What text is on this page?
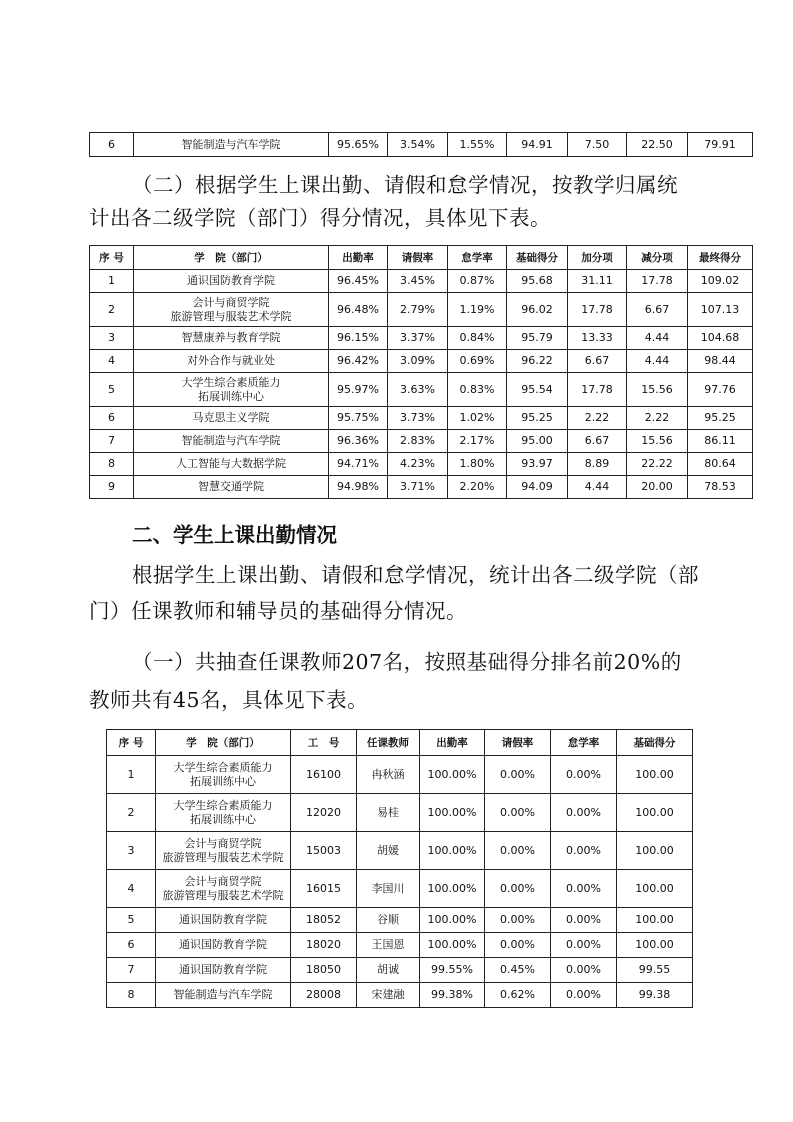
6	智能制造与汽车学院	95.65%	3.54%	1.55%	94.91	7.50	22.50	79.91

（二）根据学生上课出勤、请假和怠学情况，按教学归属统

计出各二级学院（部门）得分情况，具体见下表。

序 号	学　院（部门）	出勤率	请假率	怠学率	基础得分	加分项	减分项	最终得分
1	通识国防教育学院	96.45%	3.45%	0.87%	95.68	31.11	17.78	109.02
2	会计与商贸学院
旅游管理与服装艺术学院	96.48%	2.79%	1.19%	96.02	17.78	6.67	107.13
3	智慧康养与教育学院	96.15%	3.37%	0.84%	95.79	13.33	4.44	104.68
4	对外合作与就业处	96.42%	3.09%	0.69%	96.22	6.67	4.44	98.44
5	大学生综合素质能力
拓展训练中心	95.97%	3.63%	0.83%	95.54	17.78	15.56	97.76
6	马克思主义学院	95.75%	3.73%	1.02%	95.25	2.22	2.22	95.25
7	智能制造与汽车学院	96.36%	2.83%	2.17%	95.00	6.67	15.56	86.11
8	人工智能与大数据学院	94.71%	4.23%	1.80%	93.97	8.89	22.22	80.64
9	智慧交通学院	94.98%	3.71%	2.20%	94.09	4.44	20.00	78.53

二、学生上课出勤情况

根据学生上课出勤、请假和怠学情况，统计出各二级学院（部

门）任课教师和辅导员的基础得分情况。

（一）共抽查任课教师207名，按照基础得分排名前20%的

教师共有45名，具体见下表。

序 号	学　院（部门）	工　号	任课教师	出勤率	请假率	怠学率	基础得分
1	大学生综合素质能力
拓展训练中心	16100	冉秋涵	100.00%	0.00%	0.00%	100.00
2	大学生综合素质能力
拓展训练中心	12020	易桂	100.00%	0.00%	0.00%	100.00
3	会计与商贸学院
旅游管理与服装艺术学院	15003	胡媛	100.00%	0.00%	0.00%	100.00
4	会计与商贸学院
旅游管理与服装艺术学院	16015	李国川	100.00%	0.00%	0.00%	100.00
5	通识国防教育学院	18052	谷顺	100.00%	0.00%	0.00%	100.00
6	通识国防教育学院	18020	王国恩	100.00%	0.00%	0.00%	100.00
7	通识国防教育学院	18050	胡诚	99.55%	0.45%	0.00%	99.55
8	智能制造与汽车学院	28008	宋建融	99.38%	0.62%	0.00%	99.38
